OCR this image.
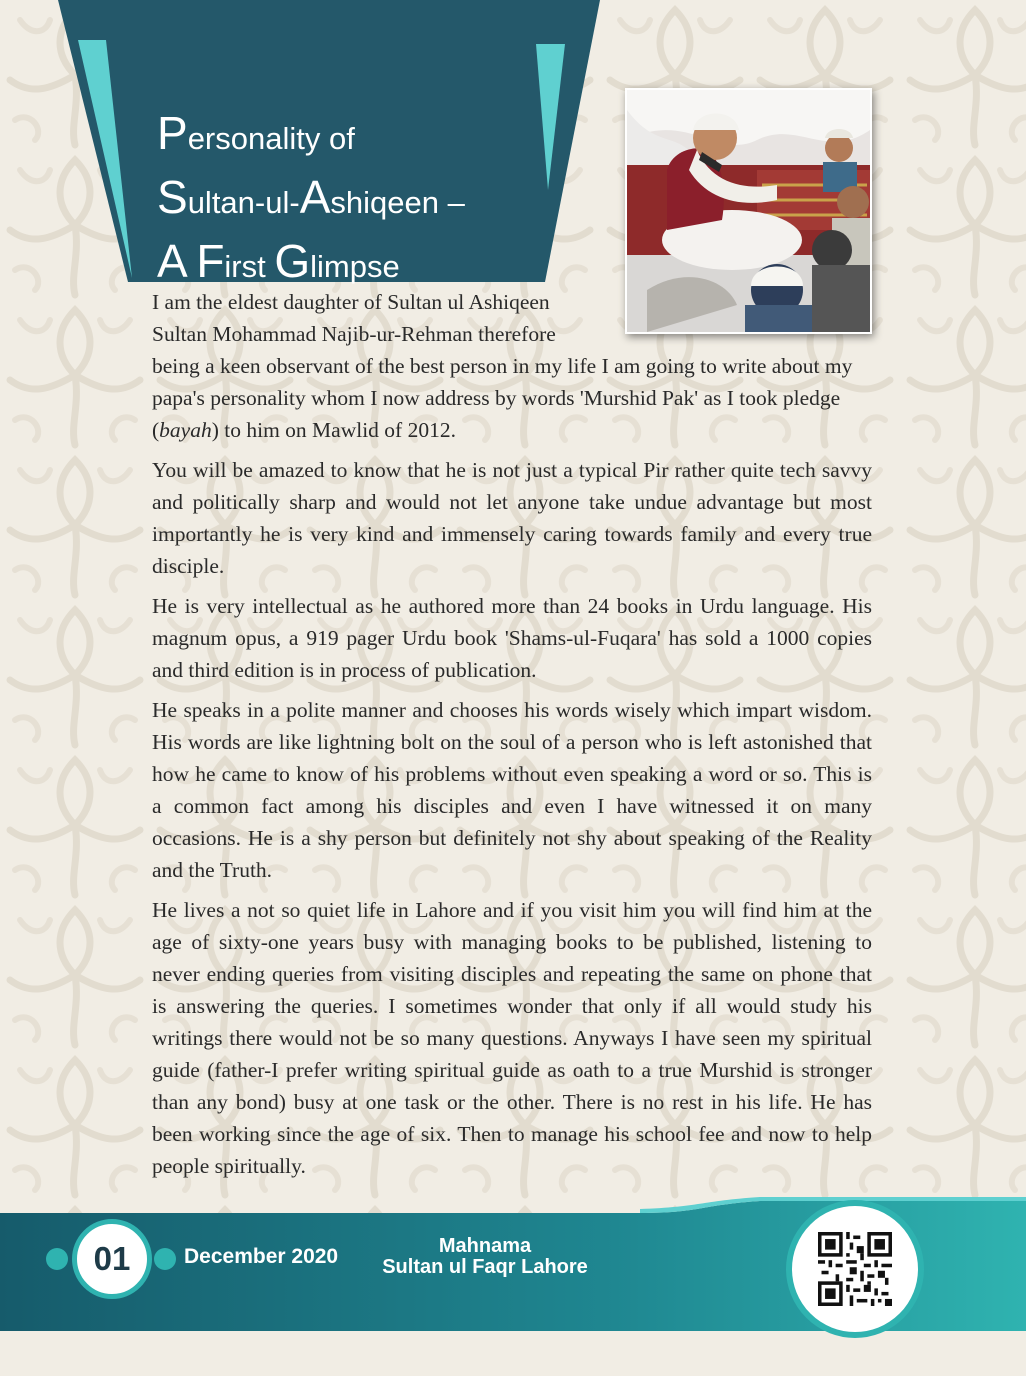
Personality of
Sultan-ul-Ashiqeen –
A First Glimpse

I am the eldest daughter of Sultan ul Ashiqeen
Sultan Mohammad Najib-ur-Rehman therefore
being a keen observant of the best person in my life I am going to write about my papa's personality whom I now address by words 'Murshid Pak' as I took pledge (bayah) to him on Mawlid of 2012.

You will be amazed to know that he is not just a typical Pir rather quite tech savvy and politically sharp and would not let anyone take undue advantage but most importantly he is very kind and immensely caring towards family and every true disciple.

He is very intellectual as he authored more than 24 books in Urdu language. His magnum opus, a 919 pager Urdu book 'Shams-ul-Fuqara' has sold a 1000 copies and third edition is in process of publication.

He speaks in a polite manner and chooses his words wisely which impart wisdom. His words are like lightning bolt on the soul of a person who is left astonished that how he came to know of his problems without even speaking a word or so. This is a common fact among his disciples and even I have witnessed it on many occasions. He is a shy person but definitely not shy about speaking of the Reality and the Truth.

He lives a not so quiet life in Lahore and if you visit him you will find him at the age of sixty-one years busy with managing books to be published, listening to never ending queries from visiting disciples and repeating the same on phone that is answering the queries. I sometimes wonder that only if all would study his writings there would not be so many questions. Anyways I have seen my spiritual guide (father-I prefer writing spiritual guide as oath to a true Murshid is stronger than any bond) busy at one task or the other. There is no rest in his life. He has been working since the age of six. Then to manage his school fee and now to help people spiritually.

01	December 2020	Mahnama
Sultan ul Faqr Lahore
